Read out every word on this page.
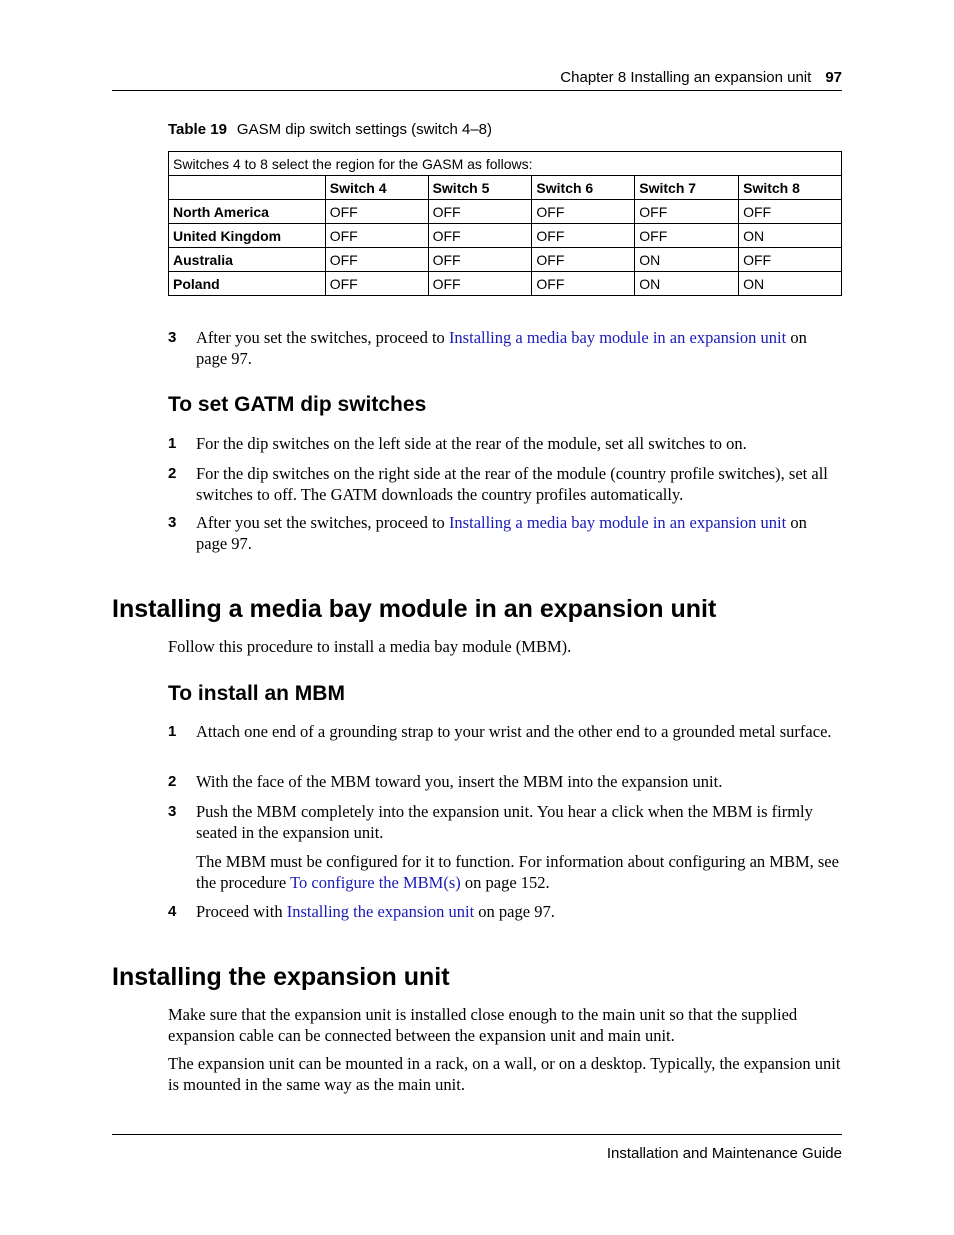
Chapter 8 Installing an expansion unit 97
Table 19 GASM dip switch settings (switch 4–8)
Switches 4 to 8 select the region for the GASM as follows:					
	Switch 4	Switch 5	Switch 6	Switch 7	Switch 8
North America	OFF	OFF	OFF	OFF	OFF
United Kingdom	OFF	OFF	OFF	OFF	ON
Australia	OFF	OFF	OFF	ON	OFF
Poland	OFF	OFF	OFF	ON	ON
3 After you set the switches, proceed to Installing a media bay module in an expansion unit on page 97.
To set GATM dip switches
1 For the dip switches on the left side at the rear of the module, set all switches to on.
2 For the dip switches on the right side at the rear of the module (country profile switches), set all switches to off. The GATM downloads the country profiles automatically.
3 After you set the switches, proceed to Installing a media bay module in an expansion unit on page 97.
Installing a media bay module in an expansion unit
Follow this procedure to install a media bay module (MBM).
To install an MBM
1 Attach one end of a grounding strap to your wrist and the other end to a grounded metal surface.
2 With the face of the MBM toward you, insert the MBM into the expansion unit.
3 Push the MBM completely into the expansion unit. You hear a click when the MBM is firmly seated in the expansion unit.
The MBM must be configured for it to function. For information about configuring an MBM, see the procedure To configure the MBM(s) on page 152.
4 Proceed with Installing the expansion unit on page 97.
Installing the expansion unit
Make sure that the expansion unit is installed close enough to the main unit so that the supplied expansion cable can be connected between the expansion unit and main unit.
The expansion unit can be mounted in a rack, on a wall, or on a desktop. Typically, the expansion unit is mounted in the same way as the main unit.
Installation and Maintenance Guide
